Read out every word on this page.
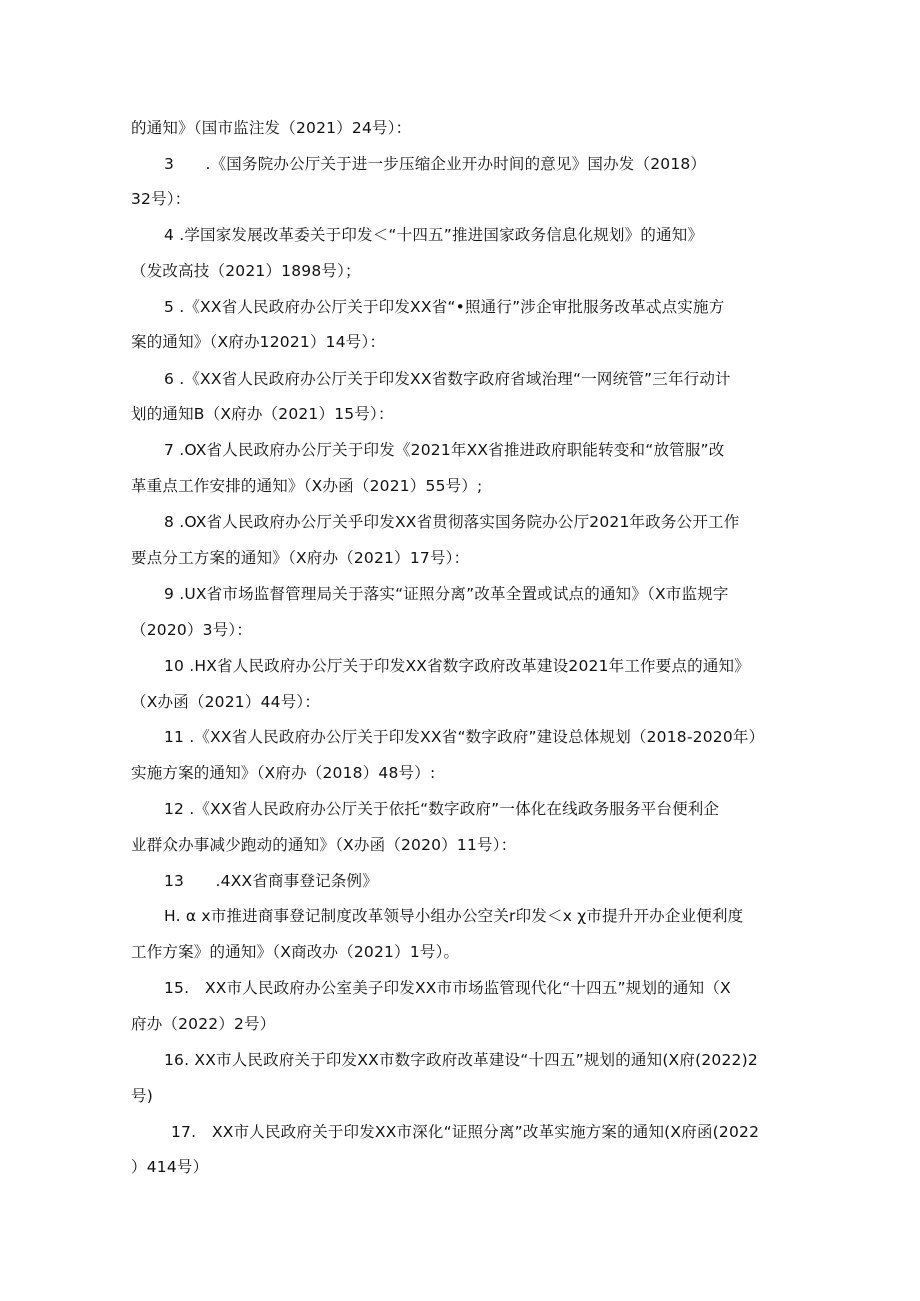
的通知》（国市监注发（2021）24号）：
3　　.《国务院办公厅关于进一步压缩企业开办时间的意见》国办发（2018）
32号）：
4 .学国家发展改革委关于印发＜“十四五”推进国家政务信息化规划》的通知》
（发改高技（2021）1898号）；
5 .《XX省人民政府办公厅关于印发XX省“•照通行”涉企审批服务改革忒点实施方
案的通知》（X府办12021）14号）：
6 .《XX省人民政府办公厅关于印发XX省数字政府省域治理“一网统管”三年行动计
划的通知B（X府办（2021）15号）：
7 .OX省人民政府办公厅关于印发《2021年XX省推进政府职能转变和“放管服”改
革重点工作安排的通知》（X办函（2021）55号）;
8 .OX省人民政府办公厅关乎印发XX省贯彻落实国务院办公厅2021年政务公开工作
要点分工方案的通知》（X府办（2021）17号）：
9 .UX省市场监督管理局关于落实“证照分离”改革全置或试点的通知》（X市监规字
（2020）3号）：
10 .HX省人民政府办公厅关于印发XX省数字政府改革建设2021年工作要点的通知》
（X办函（2021）44号）：
11 .《XX省人民政府办公厅关于印发XX省“数字政府”建设总体规划（2018-2020年）
实施方案的通知》（X府办（2018）48号）:
12 .《XX省人民政府办公厅关于依托“数字政府”一体化在线政务服务平台便利企
业群众办事减少跑动的通知》（X办函（2020）11号）：
13　　.4XX省商事登记条例》
H. α x市推进商事登记制度改革领导小组办公空关r印发＜x χ市提升开办企业便利度
工作方案》的通知》（X商改办（2021）1号）。
15.　XX市人民政府办公室美子印发XX市市场监管现代化“十四五”规划的通知（X
府办（2022）2号）
16. XX市人民政府关于印发XX市数字政府改革建设“十四五”规划的通知(X府(2022)2
号)
17.　XX市人民政府关于印发XX市深化“证照分离”改革实施方案的通知(X府函(2022
）414号）
